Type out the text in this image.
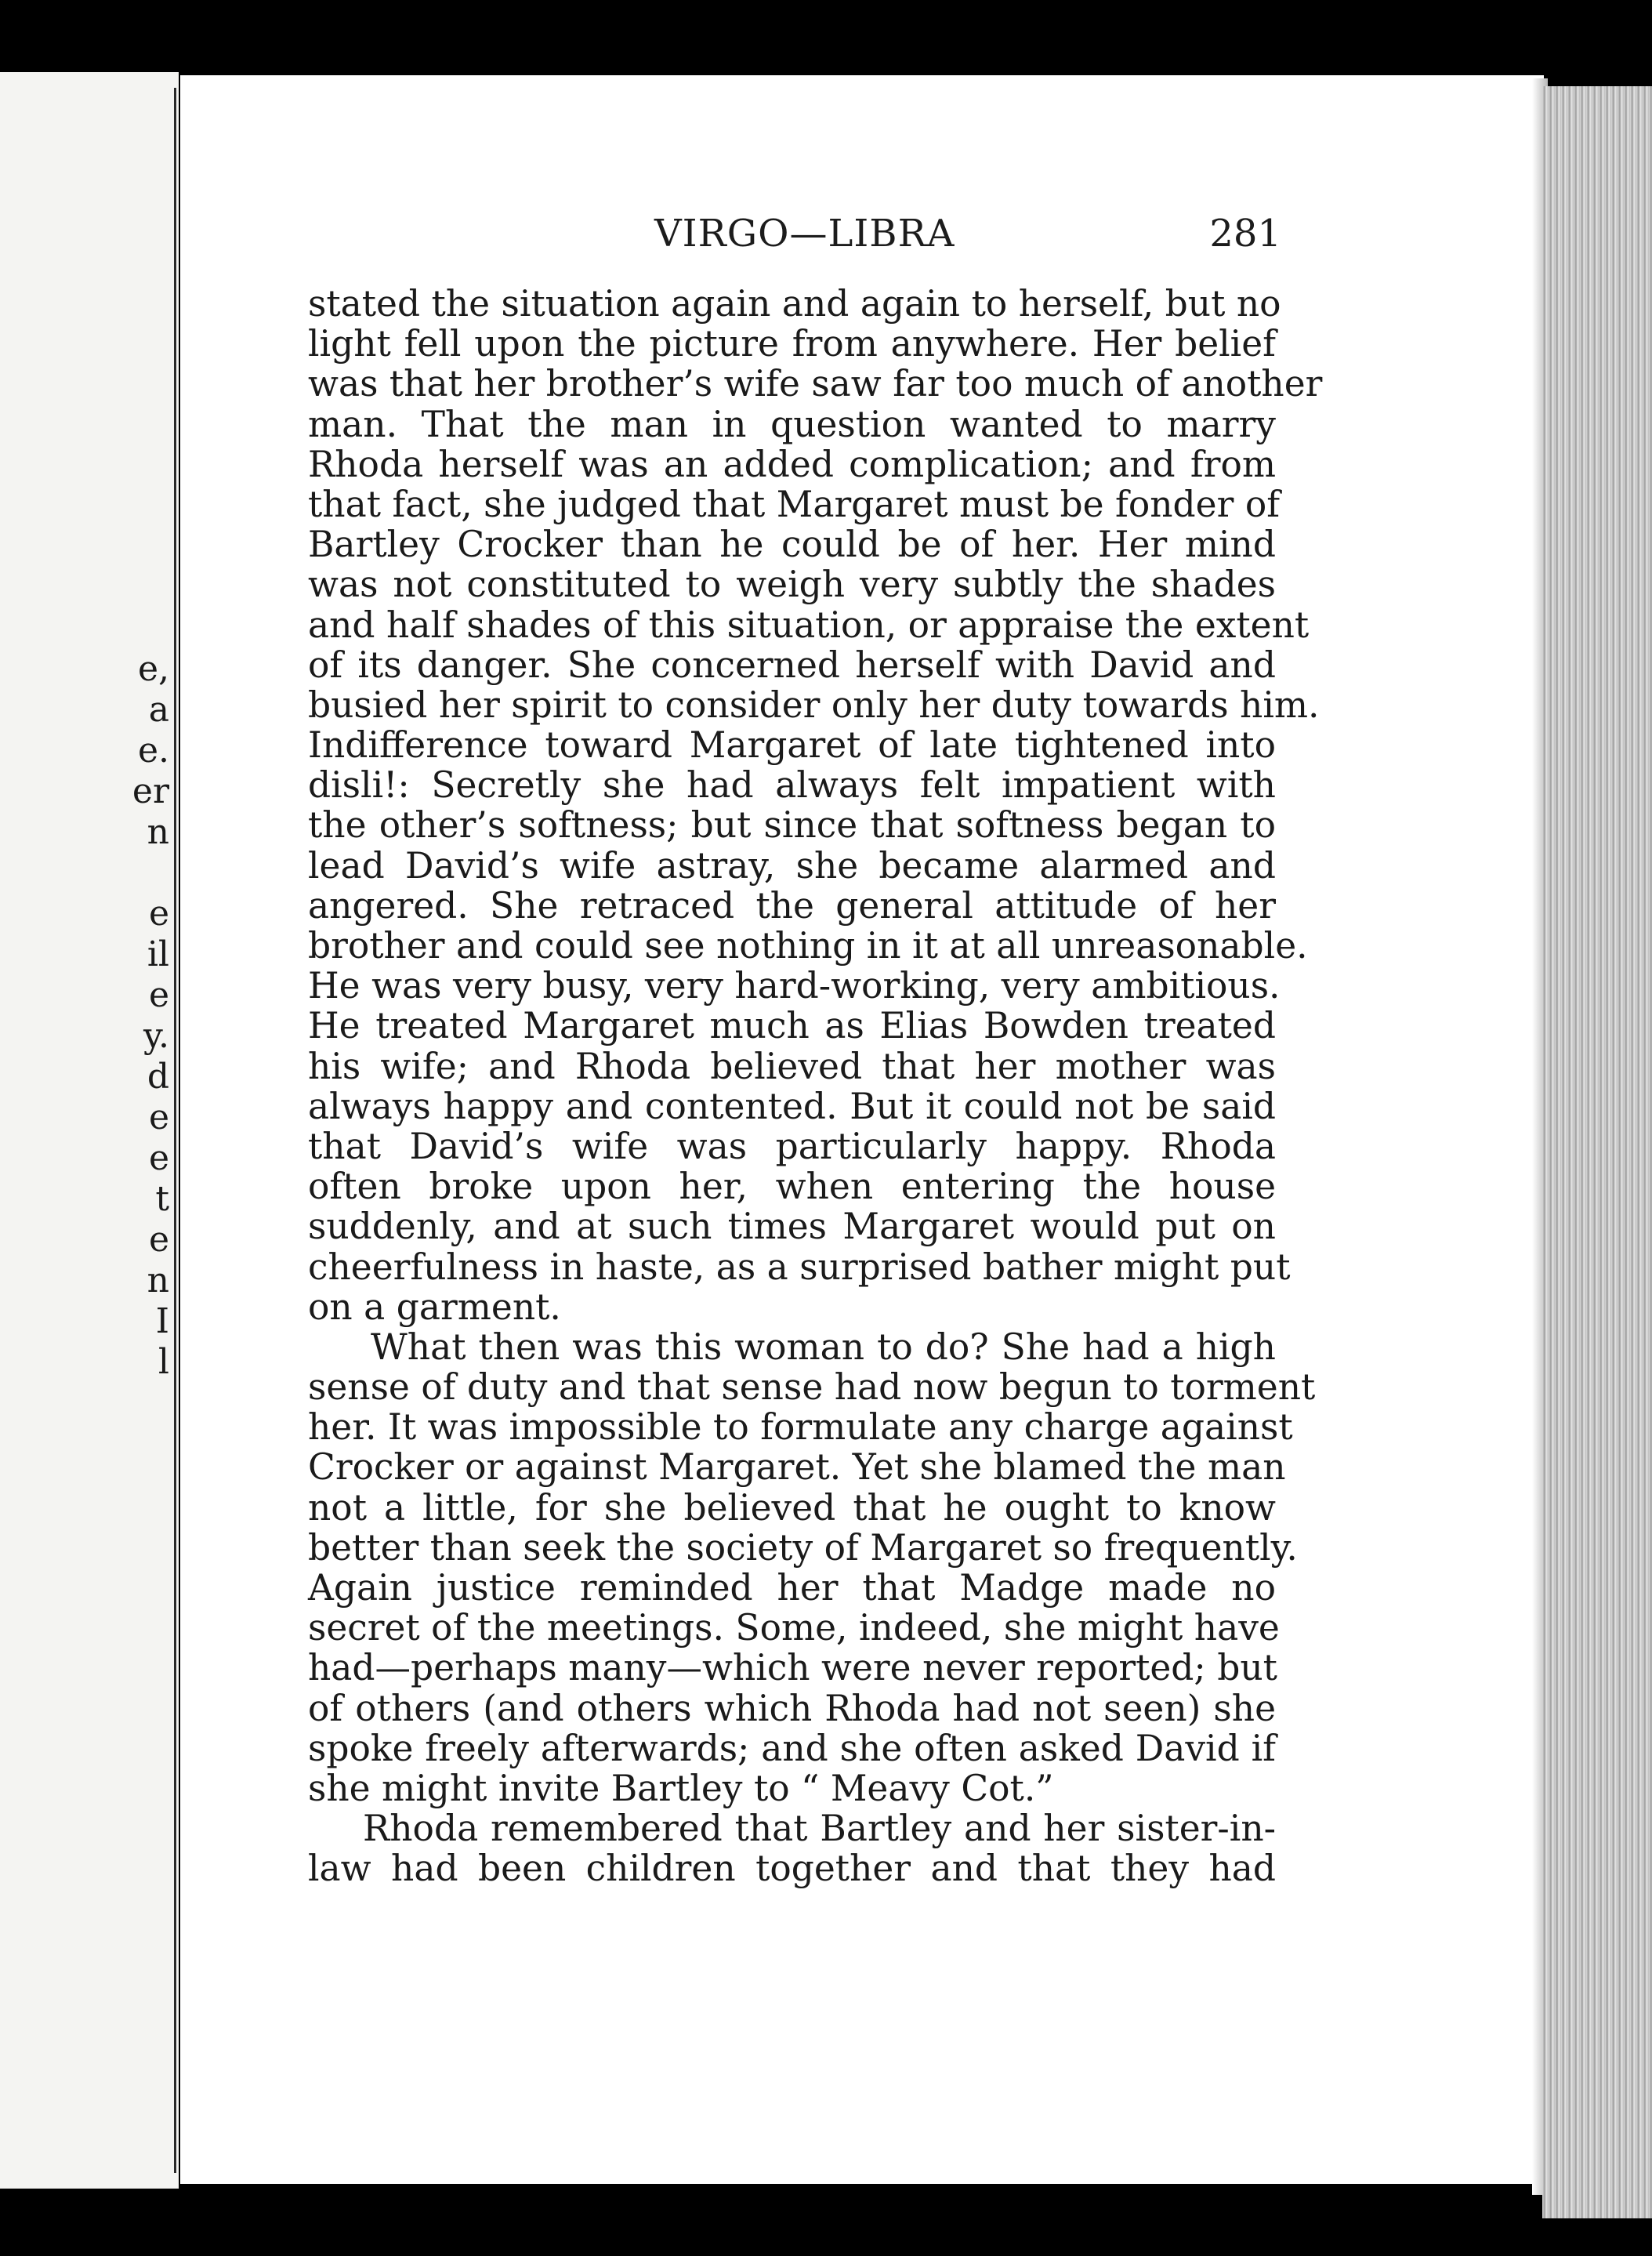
e,
a
e.
er
n
e
il
e
y.
d
e
e
t
e
n
I
l
VIRGO—LIBRA	281
stated the situation again and again to herself, but no
light fell upon the picture from anywhere. Her belief
was that her brother’s wife saw far too much of another
man. That the man in question wanted to marry
Rhoda herself was an added complication; and from
that fact, she judged that Margaret must be fonder of
Bartley Crocker than he could be of her. Her mind
was not constituted to weigh very subtly the shades
and half shades of this situation, or appraise the extent
of its danger. She concerned herself with David and
busied her spirit to consider only her duty towards him.
Indifference toward Margaret of late tightened into
disli!: Secretly she had always felt impatient with
the other’s softness; but since that softness began to
lead David’s wife astray, she became alarmed and
angered. She retraced the general attitude of her
brother and could see nothing in it at all unreasonable.
He was very busy, very hard-working, very ambitious.
He treated Margaret much as Elias Bowden treated
his wife; and Rhoda believed that her mother was
always happy and contented. But it could not be said
that David’s wife was particularly happy. Rhoda
often broke upon her, when entering the house
suddenly, and at such times Margaret would put on
cheerfulness in haste, as a surprised bather might put
on a garment.
What then was this woman to do? She had a high
sense of duty and that sense had now begun to torment
her. It was impossible to formulate any charge against
Crocker or against Margaret. Yet she blamed the man
not a little, for she believed that he ought to know
better than seek the society of Margaret so frequently.
Again justice reminded her that Madge made no
secret of the meetings. Some, indeed, she might have
had—perhaps many—which were never reported; but
of others (and others which Rhoda had not seen) she
spoke freely afterwards; and she often asked David if
she might invite Bartley to “ Meavy Cot.”
Rhoda remembered that Bartley and her sister-in-
law had been children together and that they had
